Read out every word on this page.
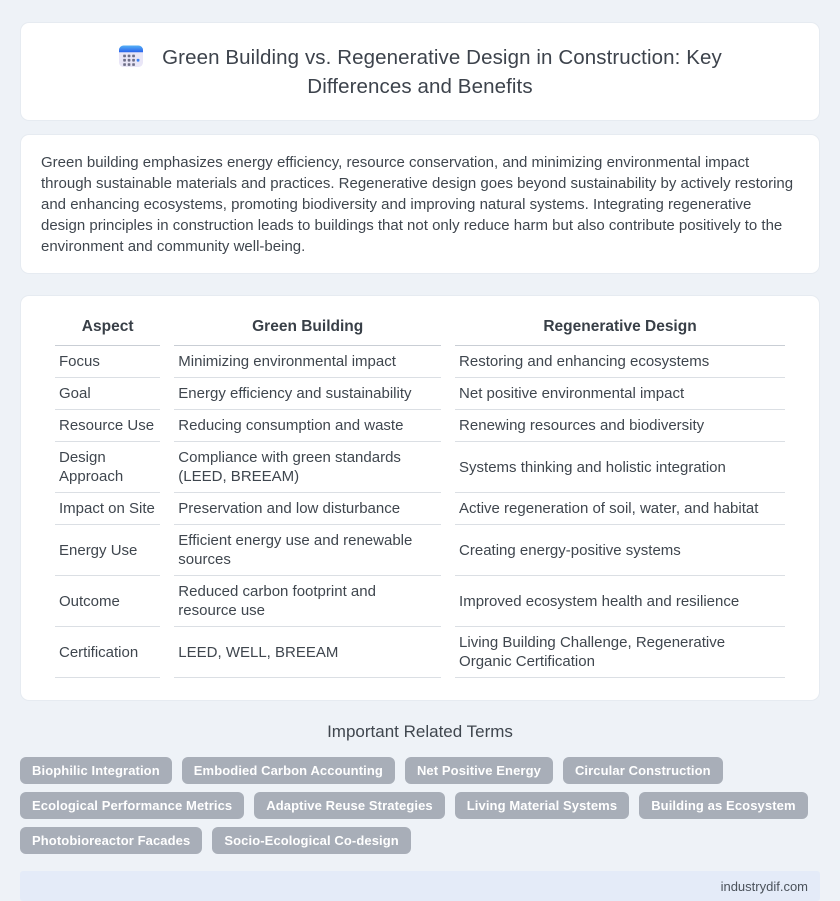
Green Building vs. Regenerative Design in Construction: Key Differences and Benefits

Green building emphasizes energy efficiency, resource conservation, and minimizing environmental impact through sustainable materials and practices. Regenerative design goes beyond sustainability by actively restoring and enhancing ecosystems, promoting biodiversity and improving natural systems. Integrating regenerative design principles in construction leads to buildings that not only reduce harm but also contribute positively to the environment and community well-being.

Aspect	Green Building	Regenerative Design
Focus	Minimizing environmental impact	Restoring and enhancing ecosystems
Goal	Energy efficiency and sustainability	Net positive environmental impact
Resource Use	Reducing consumption and waste	Renewing resources and biodiversity
Design Approach	Compliance with green standards (LEED, BREEAM)	Systems thinking and holistic integration
Impact on Site	Preservation and low disturbance	Active regeneration of soil, water, and habitat
Energy Use	Efficient energy use and renewable sources	Creating energy-positive systems
Outcome	Reduced carbon footprint and resource use	Improved ecosystem health and resilience
Certification	LEED, WELL, BREEAM	Living Building Challenge, Regenerative Organic Certification
Important Related Terms
Biophilic Integration	Embodied Carbon Accounting	Net Positive Energy	Circular Construction
Ecological Performance Metrics	Adaptive Reuse Strategies	Living Material Systems	Building as Ecosystem
Photobioreactor Facades	Socio-Ecological Co-design
industrydif.com
